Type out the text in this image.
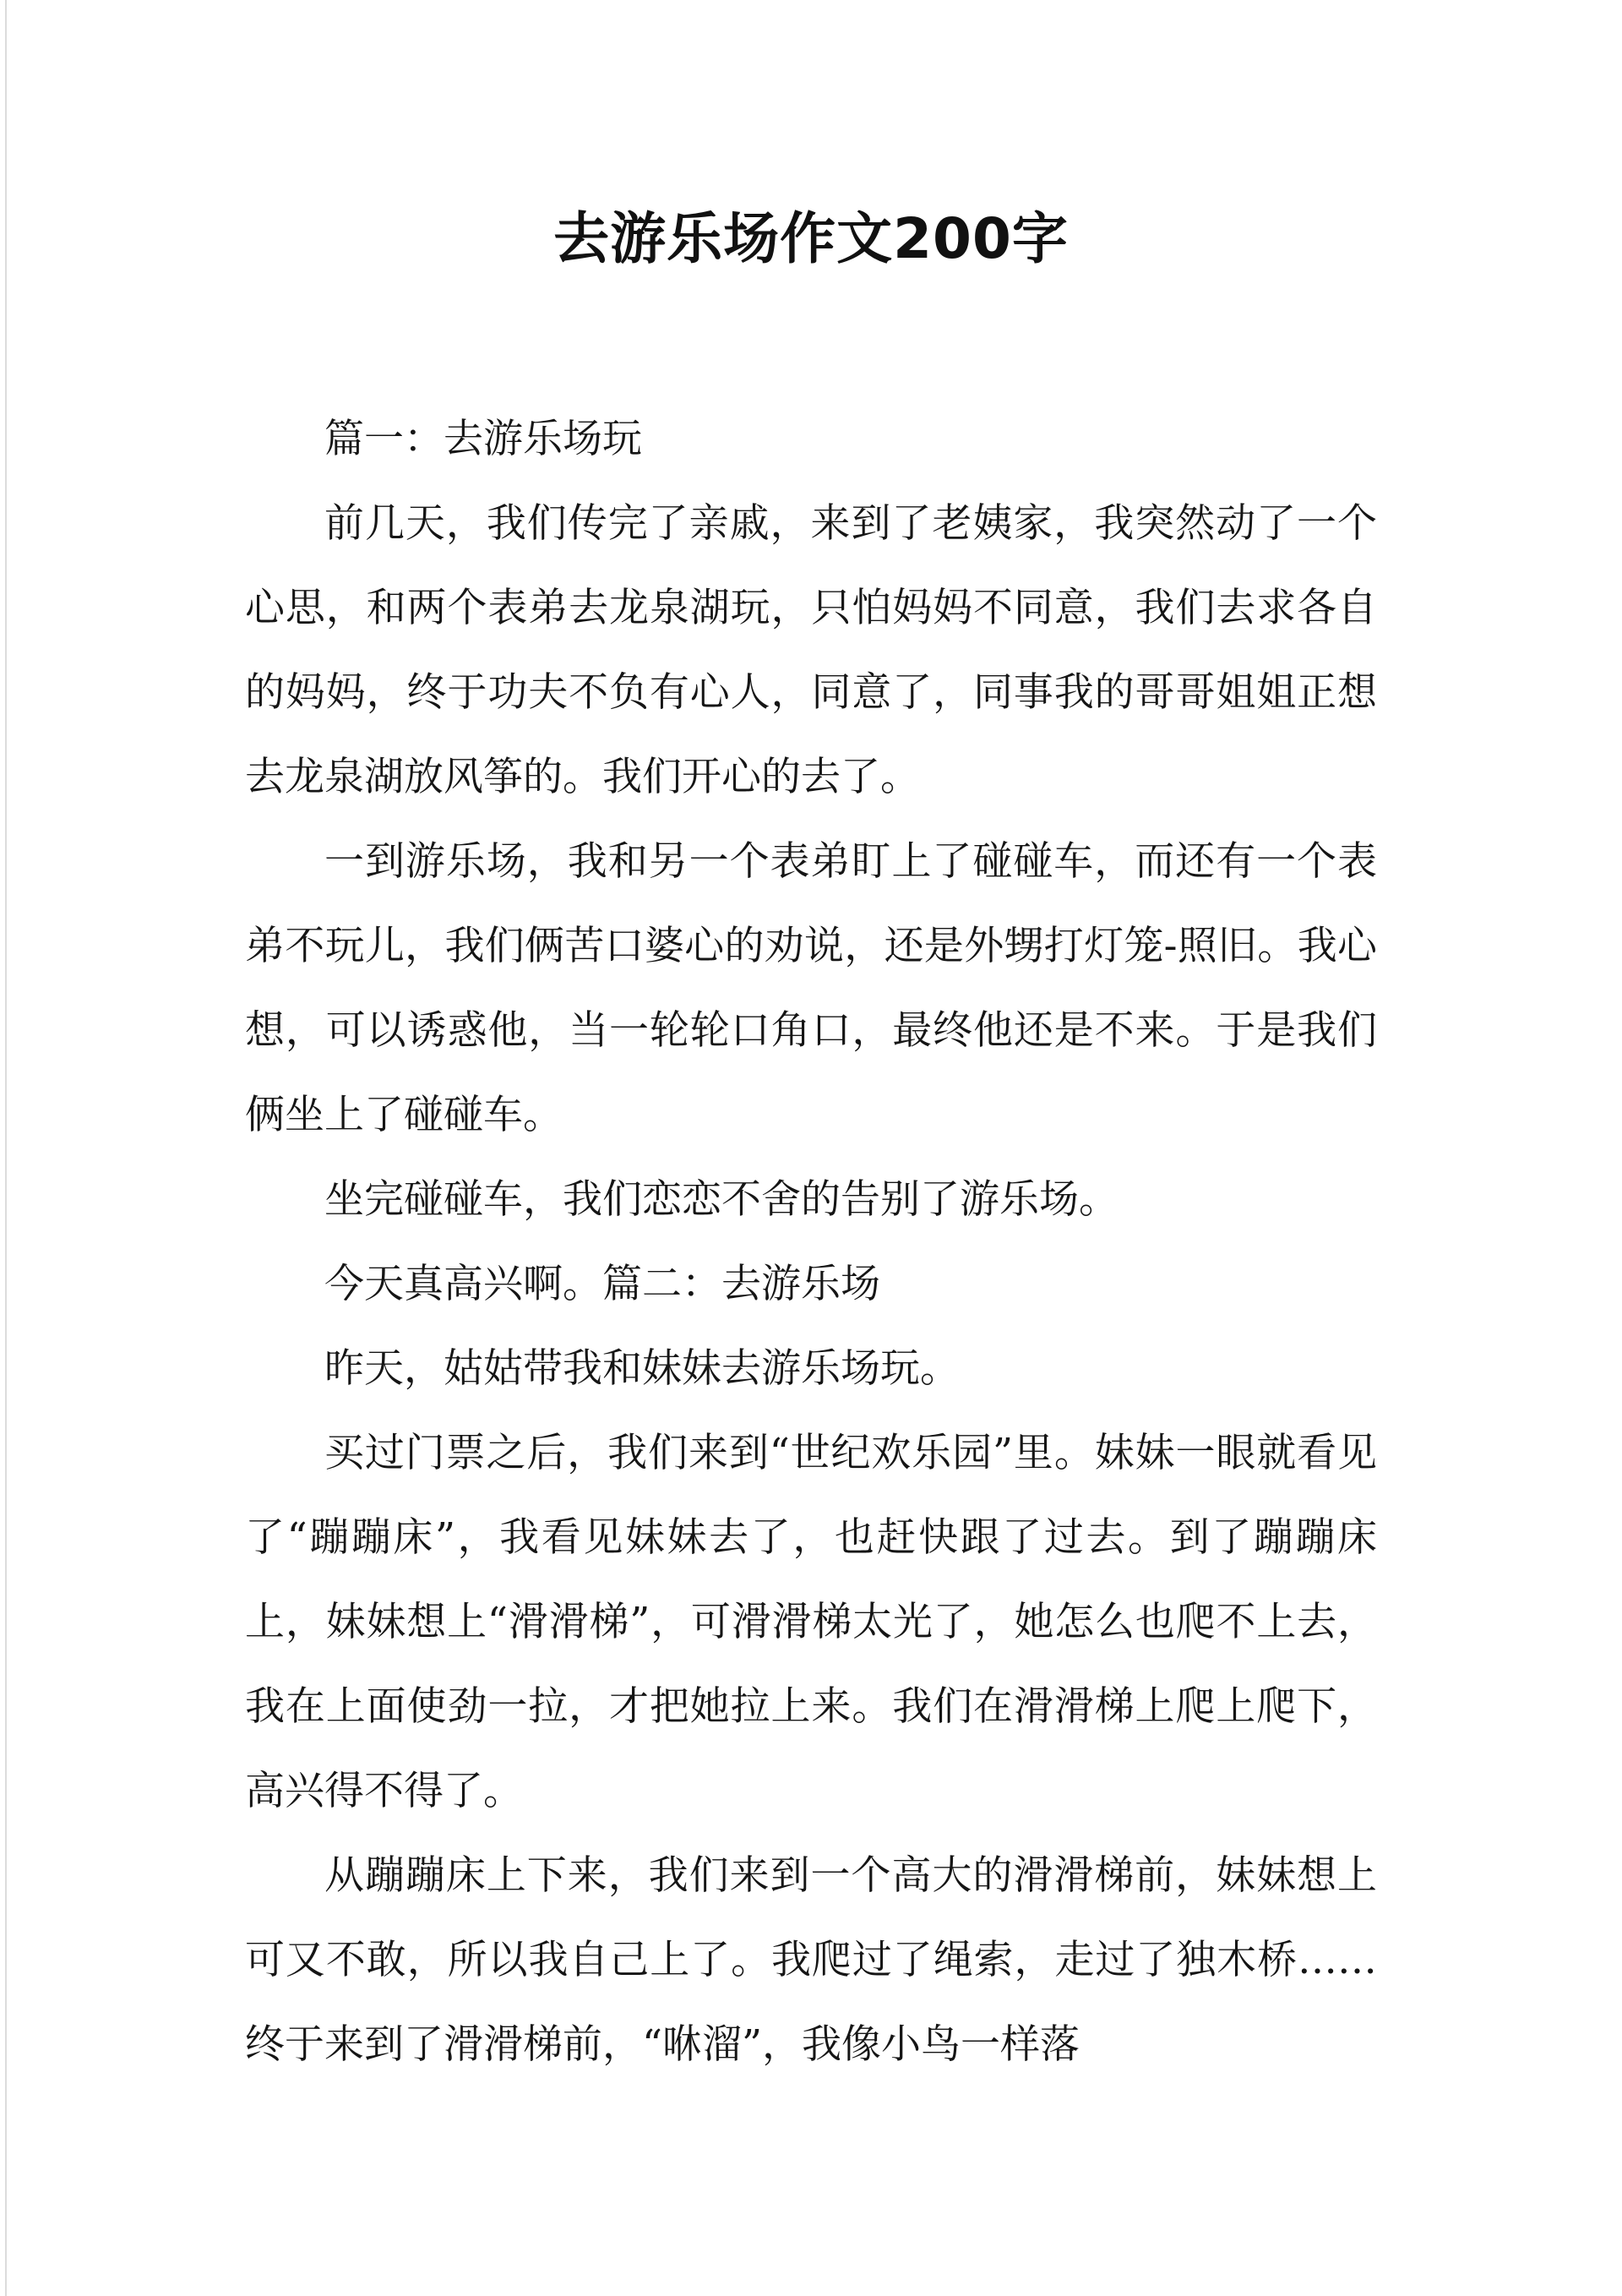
去游乐场作文200字

篇一：去游乐场玩

前几天，我们传完了亲戚，来到了老姨家，我突然动了一个心思，和两个表弟去龙泉湖玩，只怕妈妈不同意，我们去求各自的妈妈，终于功夫不负有心人，同意了，同事我的哥哥姐姐正想去龙泉湖放风筝的。我们开心的去了。

一到游乐场，我和另一个表弟盯上了碰碰车，而还有一个表弟不玩儿，我们俩苦口婆心的劝说，还是外甥打灯笼-照旧。我心想，可以诱惑他，当一轮轮口角口，最终他还是不来。于是我们俩坐上了碰碰车。

坐完碰碰车，我们恋恋不舍的告别了游乐场。

今天真高兴啊。篇二：去游乐场

昨天，姑姑带我和妹妹去游乐场玩。

买过门票之后，我们来到“世纪欢乐园”里。妹妹一眼就看见了“蹦蹦床”，我看见妹妹去了，也赶快跟了过去。到了蹦蹦床上，妹妹想上“滑滑梯”，可滑滑梯太光了，她怎么也爬不上去，我在上面使劲一拉，才把她拉上来。我们在滑滑梯上爬上爬下，高兴得不得了。

从蹦蹦床上下来，我们来到一个高大的滑滑梯前，妹妹想上可又不敢，所以我自己上了。我爬过了绳索，走过了独木桥……终于来到了滑滑梯前，“咻溜”，我像小鸟一样落
